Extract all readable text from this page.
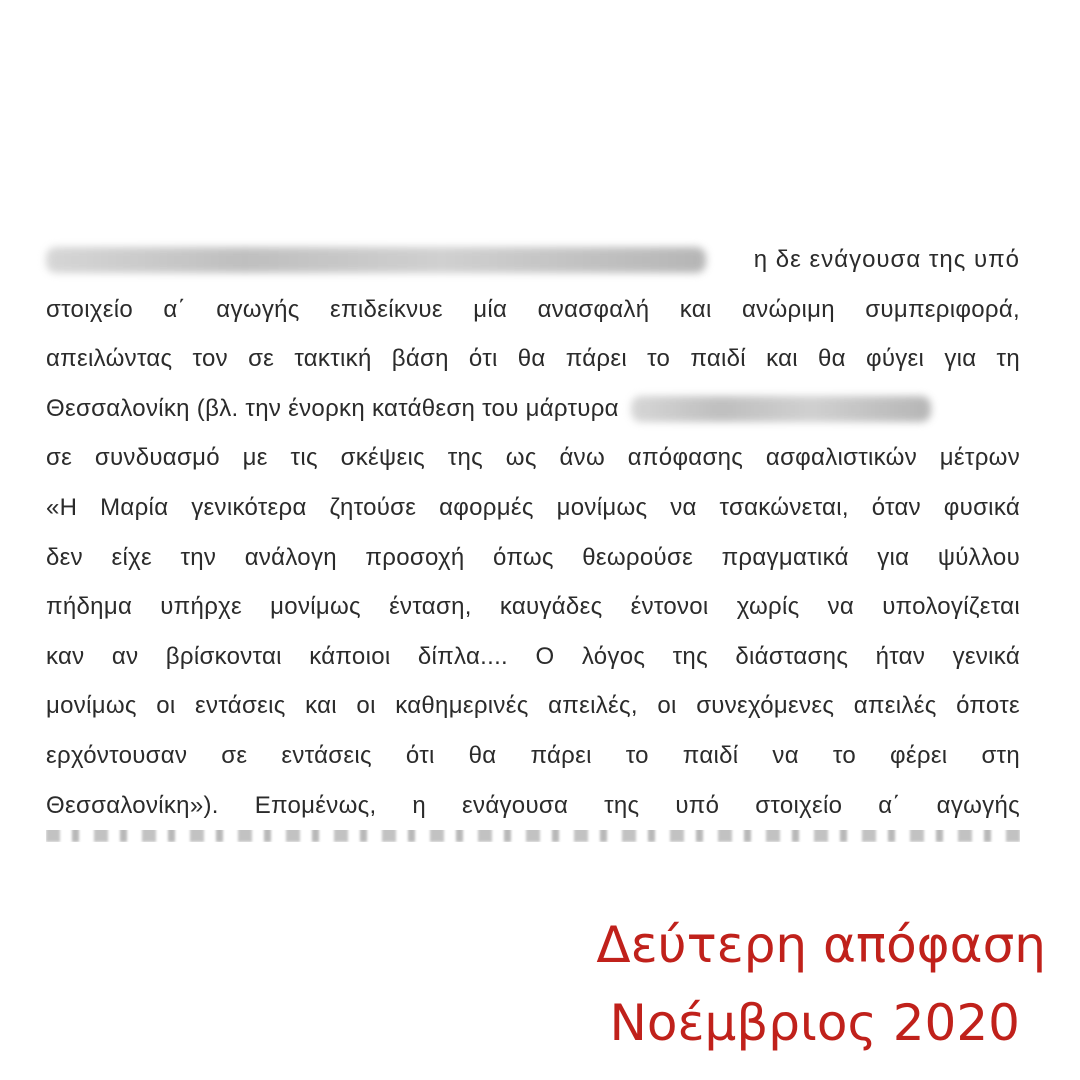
η δε ενάγουσα της υπό
στοιχείο α΄ αγωγής επιδείκνυε μία ανασφαλή και ανώριμη συμπεριφορά,
απειλώντας τον σε τακτική βάση ότι θα πάρει το παιδί και θα φύγει για τη
Θεσσαλονίκη (βλ. την ένορκη κατάθεση του μάρτυρα
σε συνδυασμό με τις σκέψεις της ως άνω απόφασης ασφαλιστικών μέτρων
«Η Μαρία γενικότερα ζητούσε αφορμές μονίμως να τσακώνεται, όταν φυσικά
δεν είχε την ανάλογη προσοχή όπως θεωρούσε πραγματικά για ψύλλου
πήδημα υπήρχε μονίμως ένταση, καυγάδες έντονοι χωρίς να υπολογίζεται
καν αν βρίσκονται κάποιοι δίπλα.... Ο λόγος της διάστασης ήταν γενικά
μονίμως οι εντάσεις και οι καθημερινές απειλές, οι συνεχόμενες απειλές όποτε
ερχόντουσαν σε εντάσεις ότι θα πάρει το παιδί να το φέρει στη
Θεσσαλονίκη»). Επομένως, η ενάγουσα της υπό στοιχείο α΄ αγωγής
Δεύτερη απόφαση
Νοέμβριος 2020
